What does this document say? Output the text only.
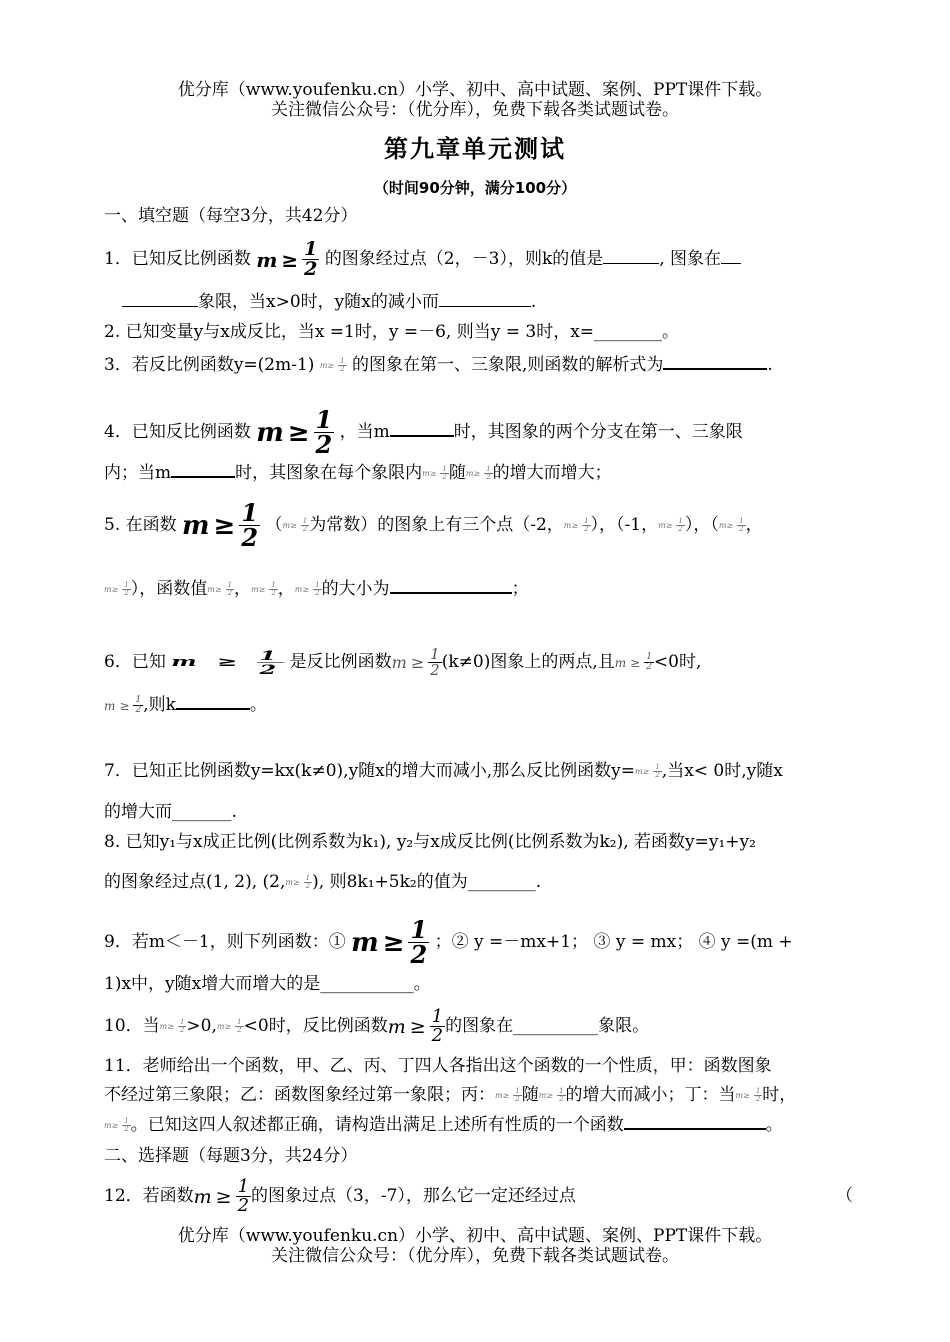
优分库（www.youfenku.cn）小学、初中、高中试题、案例、PPT课件下载。
关注微信公众号：（优分库），免费下载各类试题试卷。
第九章单元测试
（时间90分钟，满分100分）
一、填空题（每空3分，共42分）
1．已知反比例函数 $m \ge \frac{1}{2}$ 的图象经过点（2，－3），则k的值是	, 图象在
象限，当x>0时，y随x的减小而	.
2. 已知变量y与x成反比，当x =1时，y =－6, 则当y = 3时，x=________。
3．若反比例函数y=(2m-1) $m\ge \frac{1}{2}$ 的图象在第一、三象限,则函数的解析式为	.
4．已知反比例函数 $m \ge \frac{1}{2}$ ，当m	时，其图象的两个分支在第一、三象限
内；当m	时，其图象在每个象限内 $m\ge \frac{1}{2}$ 随 $m\ge \frac{1}{2}$ 的增大而增大；
5. 在函数 $m \ge \frac{1}{2}$ （ $m\ge \frac{1}{2}$ 为常数）的图象上有三个点（-2， $m\ge \frac{1}{2}$ ），（-1， $m\ge \frac{1}{2}$ ），（ $m\ge \frac{1}{2}$ ，
$m\ge \frac{1}{2}$ ），函数值 $m\ge \frac{1}{2}$ ， $m\ge \frac{1}{2}$ ， $m\ge \frac{1}{2}$ 的大小为	；
6．已知 $m \ge \frac{1}{2}$ 是反比例函数 $m \ge \frac{1}{2} (k\ne 0)$图象上的两点,且 $m \ge \frac{1}{2} <0$时,
$m \ge \frac{1}{2}$ ,则k	。
7．已知正比例函数y=kx(k≠0),y随x的增大而减小,那么反比例函数$y= m\ge \frac{1}{2}$ ,当x< 0时,y随x
的增大而_______.
8. 已知y₁与x成正比例(比例系数为k₁), y₂与x成反比例(比例系数为k₂), 若函数y=y₁+y₂
的图象经过点(1, 2), (2, $m\ge \frac{1}{2}$ ), 则8k₁+5k₂的值为________.
9．若m＜－1，则下列函数：① $m \ge \frac{1}{2}$ ；② y =－mx+1； ③ y = mx； ④ y =(m +
1)x中，y随x增大而增大的是___________。
10．当 $m\ge \frac{1}{2} >0$, $m\ge \frac{1}{2} <0$时，反比例函数 $m \ge \frac{1}{2}$ 的图象在__________象限。
11．老师给出一个函数，甲、乙、丙、丁四人各指出这个函数的一个性质，甲：函数图象
不经过第三象限；乙：函数图象经过第一象限；丙： $m\ge \frac{1}{2}$ 随 $m\ge \frac{1}{2}$ 的增大而减小；丁：当 $m\ge \frac{1}{2}$ 时，
$m\ge \frac{1}{2}$ 。已知这四人叙述都正确，请构造出满足上述所有性质的一个函数	。
二、选择题（每题3分，共24分）
12．若函数 $m \ge \frac{1}{2}$ 的图象过点（3，-7），那么它一定还经过点	（
优分库（www.youfenku.cn）小学、初中、高中试题、案例、PPT课件下载。
关注微信公众号：（优分库），免费下载各类试题试卷。
